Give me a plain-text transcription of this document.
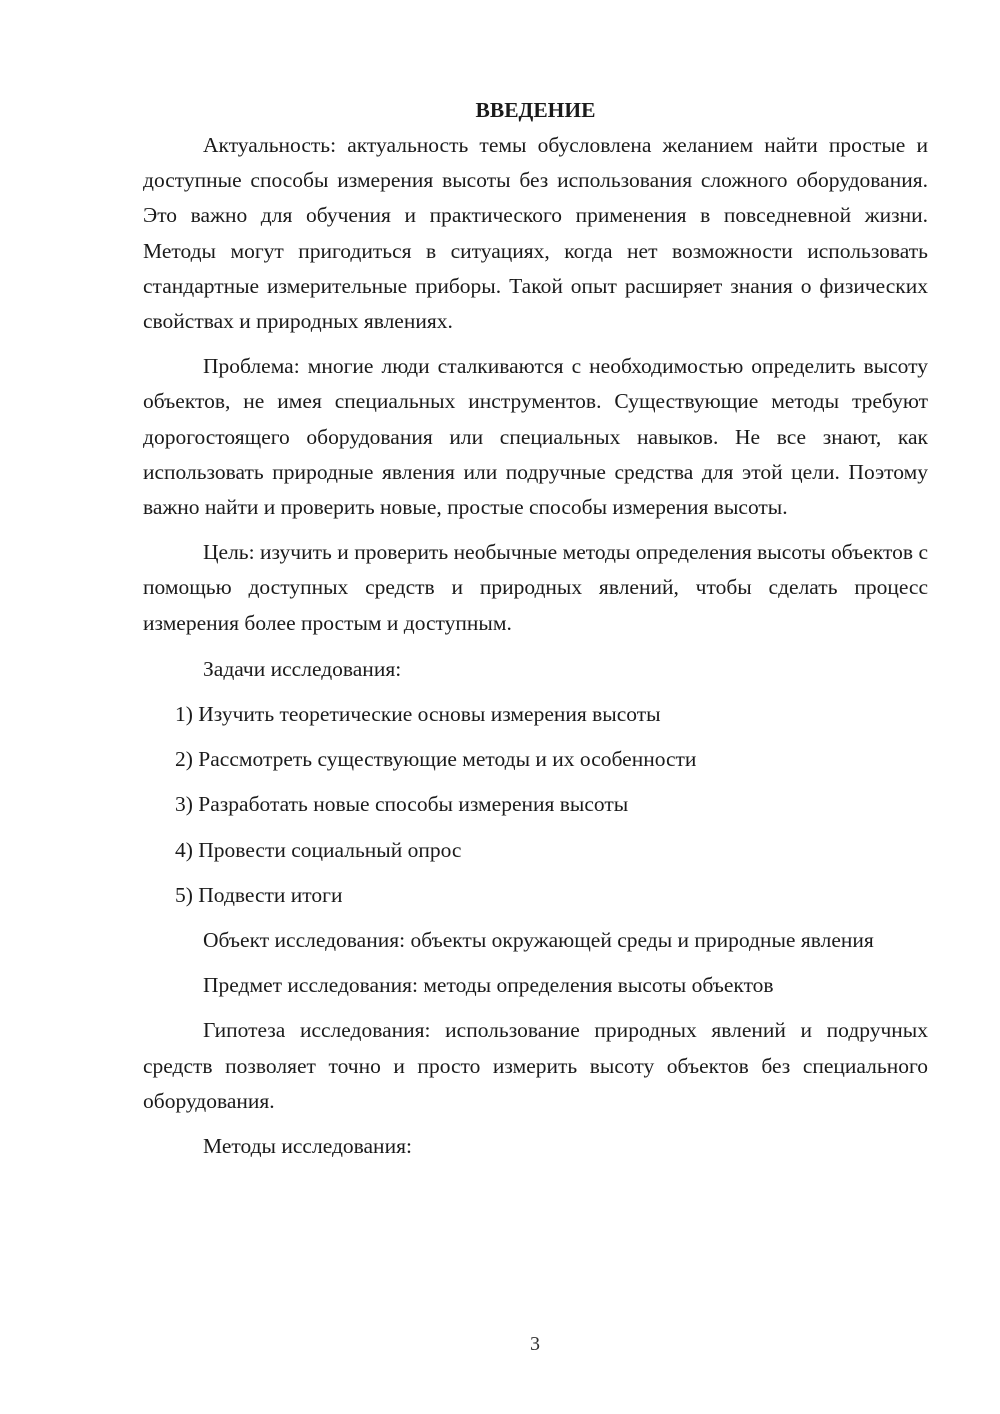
ВВЕДЕНИЕ

Актуальность: актуальность темы обусловлена желанием найти простые и доступные способы измерения высоты без использования сложного оборудования. Это важно для обучения и практического применения в повседневной жизни. Методы могут пригодиться в ситуациях, когда нет возможности использовать стандартные измерительные приборы. Такой опыт расширяет знания о физических свойствах и природных явлениях.

Проблема: многие люди сталкиваются с необходимостью определить высоту объектов, не имея специальных инструментов. Существующие методы требуют дорогостоящего оборудования или специальных навыков. Не все знают, как использовать природные явления или подручные средства для этой цели. Поэтому важно найти и проверить новые, простые способы измерения высоты.

Цель: изучить и проверить необычные методы определения высоты объектов с помощью доступных средств и природных явлений, чтобы сделать процесс измерения более простым и доступным.

Задачи исследования:

1) Изучить теоретические основы измерения высоты

2) Рассмотреть существующие методы и их особенности

3) Разработать новые способы измерения высоты

4) Провести социальный опрос

5) Подвести итоги

Объект исследования: объекты окружающей среды и природные явления

Предмет исследования: методы определения высоты объектов

Гипотеза исследования: использование природных явлений и подручных средств позволяет точно и просто измерить высоту объектов без специального оборудования.

Методы исследования:

3
